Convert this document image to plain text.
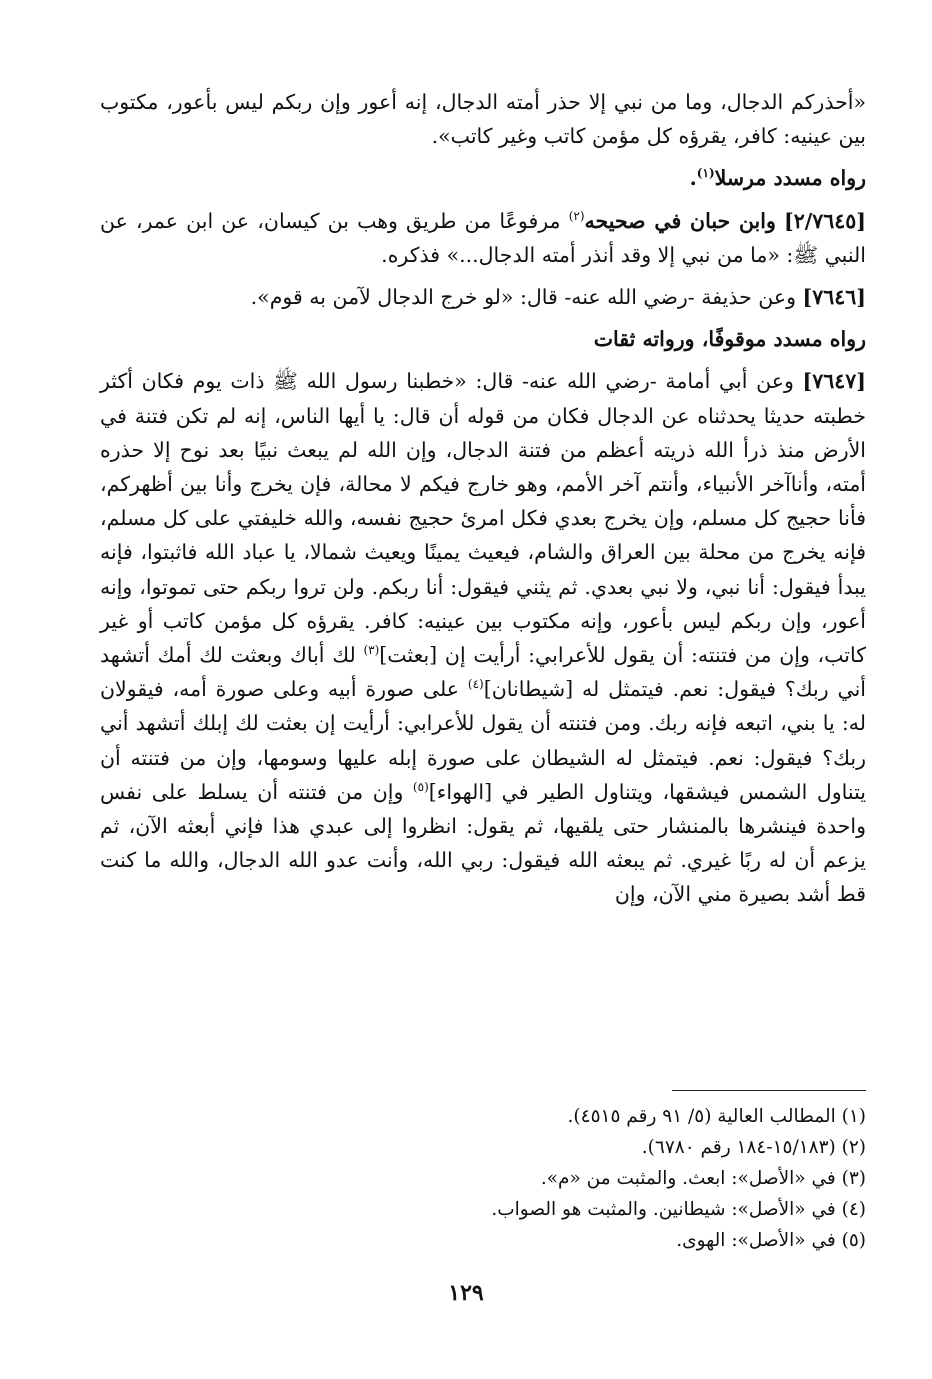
«أحذركم الدجال، وما من نبي إلا حذر أمته الدجال، إنه أعور وإن ربكم ليس بأعور، مكتوب بين عينيه: كافر، يقرؤه كل مؤمن كاتب وغير كاتب».

رواه مسدد مرسلا$^{(١)}$.

[٢/٧٦٤٥] وابن حبان في صحيحه$^{(٢)}$ مرفوعًا من طريق وهب بن كيسان، عن ابن عمر، عن النبي ﷺ: «ما من نبي إلا وقد أنذر أمته الدجال...» فذكره.

[٧٦٤٦] وعن حذيفة -رضي الله عنه- قال: «لو خرج الدجال لآمن به قوم».

رواه مسدد موقوفًا، ورواته ثقات

[٧٦٤٧] وعن أبي أمامة -رضي الله عنه- قال: «خطبنا رسول الله ﷺ ذات يوم فكان أكثر خطبته حديثا يحدثناه عن الدجال فكان من قوله أن قال: يا أيها الناس، إنه لم تكن فتنة في الأرض منذ ذرأ الله ذريته أعظم من فتنة الدجال، وإن الله لم يبعث نبيًا بعد نوح إلا حذره أمته، وأناآخر الأنبياء، وأنتم آخر الأمم، وهو خارج فيكم لا محالة، فإن يخرج وأنا بين أظهركم، فأنا حجيج كل مسلم، وإن يخرج بعدي فكل امرئ حجيج نفسه، والله خليفتي على كل مسلم، فإنه يخرج من محلة بين العراق والشام، فيعيث يمينًا ويعيث شمالا، يا عباد الله فاثبتوا، فإنه يبدأ فيقول: أنا نبي، ولا نبي بعدي. ثم يثني فيقول: أنا ربكم. ولن تروا ربكم حتى تموتوا، وإنه أعور، وإن ربكم ليس بأعور، وإنه مكتوب بين عينيه: كافر. يقرؤه كل مؤمن كاتب أو غير كاتب، وإن من فتنته: أن يقول للأعرابي: أرأيت إن [بعثت]$^{(٣)}$ لك أباك وبعثت لك أمك أتشهد أني ربك؟ فيقول: نعم. فيتمثل له [شيطانان]$^{(٤)}$ على صورة أبيه وعلى صورة أمه، فيقولان له: يا بني، اتبعه فإنه ربك. ومن فتنته أن يقول للأعرابي: أرأيت إن بعثت لك إبلك أتشهد أني ربك؟ فيقول: نعم. فيتمثل له الشيطان على صورة إبله عليها وسومها، وإن من فتنته أن يتناول الشمس فيشقها، ويتناول الطير في [الهواء]$^{(٥)}$ وإن من فتنته أن يسلط على نفس واحدة فينشرها بالمنشار حتى يلقيها، ثم يقول: انظروا إلى عبدي هذا فإني أبعثه الآن، ثم يزعم أن له ربًا غيري. ثم يبعثه الله فيقول: ربي الله، وأنت عدو الله الدجال، والله ما كنت قط أشد بصيرة مني الآن، وإن

(١) المطالب العالية (٥/ ٩١ رقم ٤٥١٥).

(٢) (١٥/١٨٣-١٨٤ رقم ٦٧٨٠).

(٣) في «الأصل»: ابعث. والمثبت من «م».

(٤) في «الأصل»: شيطانين. والمثبت هو الصواب.

(٥) في «الأصل»: الهوى.

١٢٩
